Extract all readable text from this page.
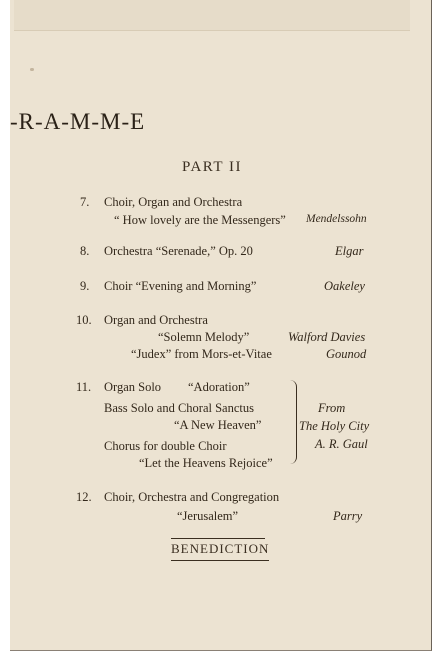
-R-A-M-M-E
PART II
7. Choir, Organ and Orchestra
“ How lovely are the Messengers” Mendelssohn
8. Orchestra “Serenade,” Op. 20	Elgar
9. Choir “Evening and Morning”	Oakeley
10. Organ and Orchestra
“Solemn Melody”	Walford Davies
“Judex” from Mors-et-Vitae	Gounod
11. Organ Solo “Adoration”
Bass Solo and Choral Sanctus
“A New Heaven”
Chorus for double Choir
“Let the Heavens Rejoice”
From
The Holy City
A. R. Gaul
12. Choir, Orchestra and Congregation
“Jerusalem”	Parry
BENEDICTION
